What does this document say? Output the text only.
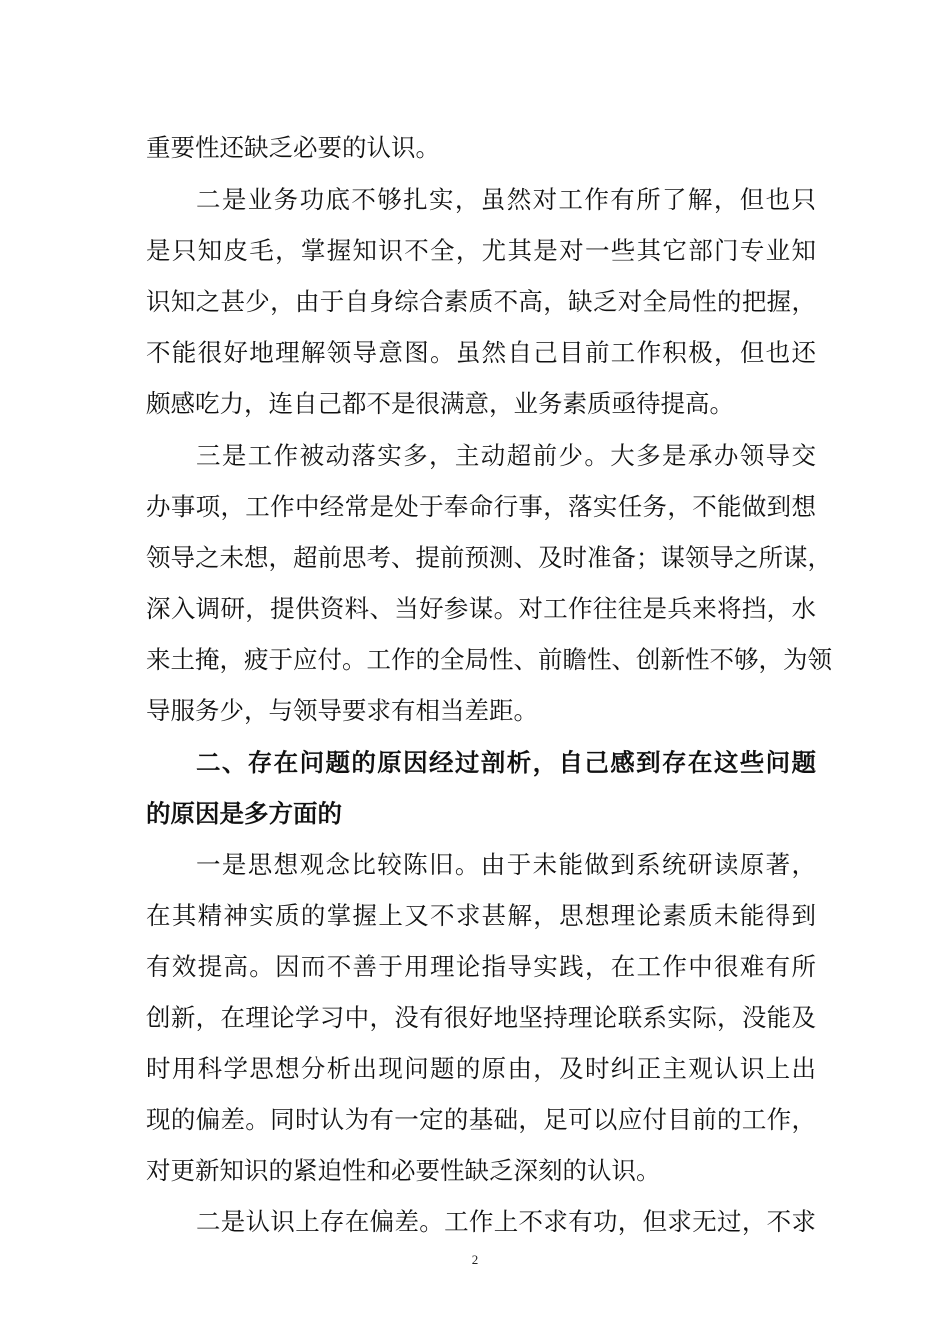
重要性还缺乏必要的认识。
二是业务功底不够扎实，虽然对工作有所了解，但也只
是只知皮毛，掌握知识不全，尤其是对一些其它部门专业知
识知之甚少，由于自身综合素质不高，缺乏对全局性的把握，
不能很好地理解领导意图。虽然自己目前工作积极，但也还
颇感吃力，连自己都不是很满意，业务素质亟待提高。
三是工作被动落实多，主动超前少。大多是承办领导交
办事项，工作中经常是处于奉命行事，落实任务，不能做到想
领导之未想，超前思考、提前预测、及时准备；谋领导之所谋，
深入调研，提供资料、当好参谋。对工作往往是兵来将挡，水
来土掩，疲于应付。工作的全局性、前瞻性、创新性不够，为领
导服务少，与领导要求有相当差距。
二、存在问题的原因经过剖析，自己感到存在这些问题
的原因是多方面的
一是思想观念比较陈旧。由于未能做到系统研读原著，
在其精神实质的掌握上又不求甚解，思想理论素质未能得到
有效提高。因而不善于用理论指导实践，在工作中很难有所
创新，在理论学习中，没有很好地坚持理论联系实际，没能及
时用科学思想分析出现问题的原由，及时纠正主观认识上出
现的偏差。同时认为有一定的基础，足可以应付目前的工作，
对更新知识的紧迫性和必要性缺乏深刻的认识。
二是认识上存在偏差。工作上不求有功，但求无过，不求
2
